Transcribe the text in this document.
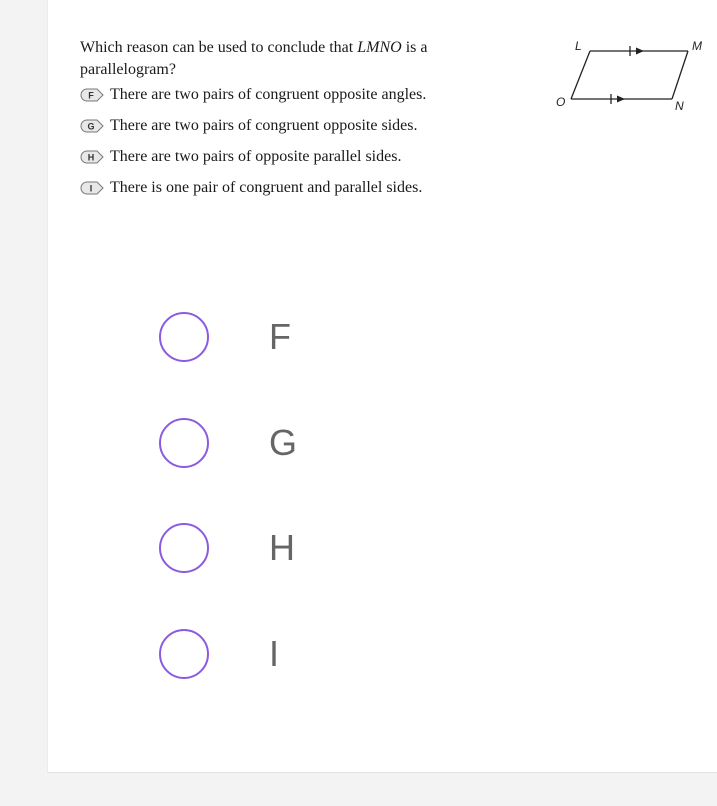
Which reason can be used to conclude that LMNO is a parallelogram?
F There are two pairs of congruent opposite angles.
G There are two pairs of congruent opposite sides.
H There are two pairs of opposite parallel sides.
I There is one pair of congruent and parallel sides.
L	M
N
O
F
G
H
I
